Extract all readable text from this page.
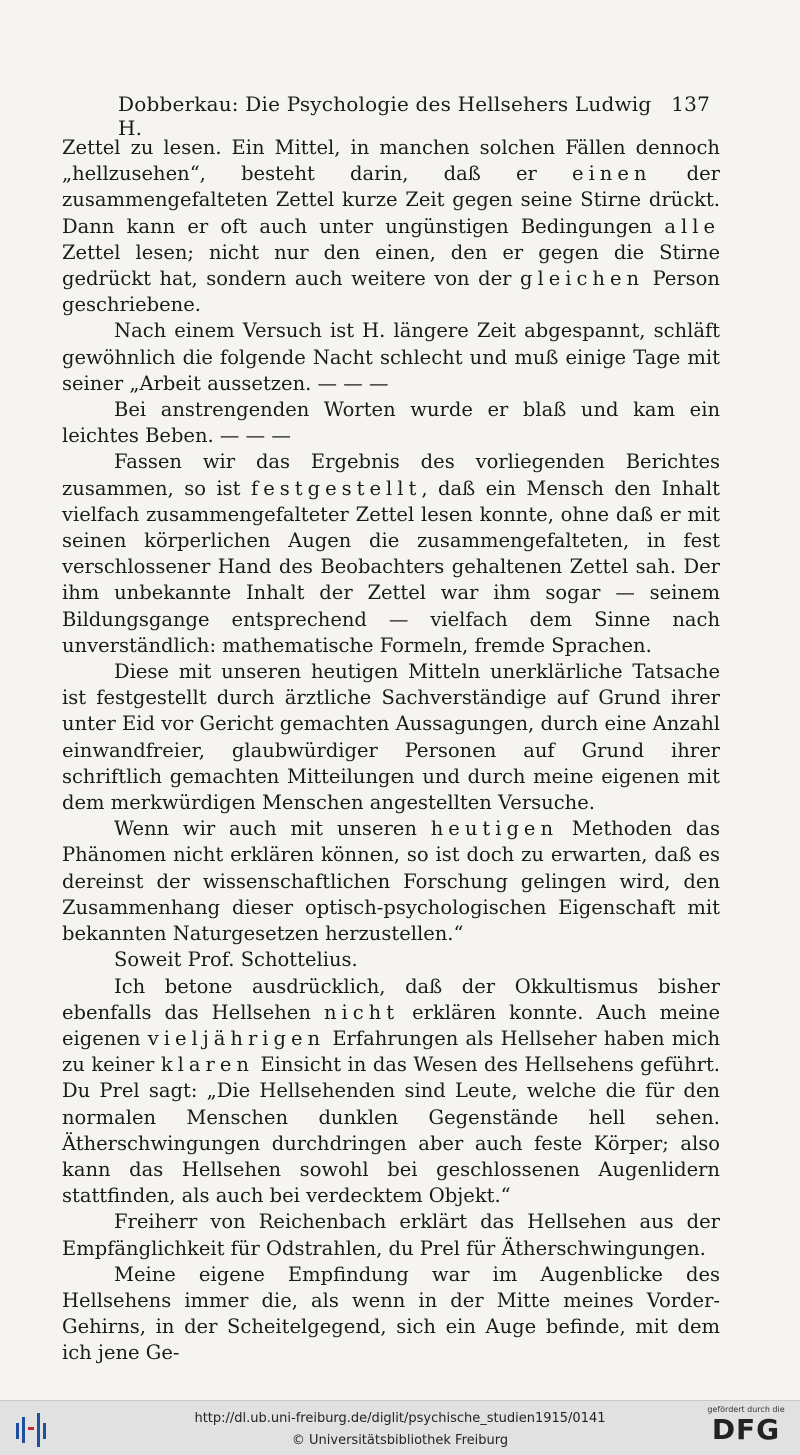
Dobberkau: Die Psychologie des Hellsehers Ludwig H.
137

Zettel zu lesen. Ein Mittel, in manchen solchen Fällen dennoch „hellzusehen“, besteht darin, daß er einen der zusammengefalteten Zettel kurze Zeit gegen seine Stirne drückt. Dann kann er oft auch unter ungünstigen Bedingungen alle Zettel lesen; nicht nur den einen, den er gegen die Stirne gedrückt hat, sondern auch weitere von der gleichen Person geschriebene.

Nach einem Versuch ist H. längere Zeit abgespannt, schläft gewöhnlich die folgende Nacht schlecht und muß einige Tage mit seiner „Arbeit aussetzen. — — —

Bei anstrengenden Worten wurde er blaß und kam ein leichtes Beben. — — —

Fassen wir das Ergebnis des vorliegenden Berichtes zusammen, so ist festgestellt, daß ein Mensch den Inhalt vielfach zusammengefalteter Zettel lesen konnte, ohne daß er mit seinen körperlichen Augen die zusammengefalteten, in fest verschlossener Hand des Beobachters gehaltenen Zettel sah. Der ihm unbekannte Inhalt der Zettel war ihm sogar — seinem Bildungsgange entsprechend — vielfach dem Sinne nach unverständlich: mathematische Formeln, fremde Sprachen.

Diese mit unseren heutigen Mitteln unerklärliche Tatsache ist festgestellt durch ärztliche Sachverständige auf Grund ihrer unter Eid vor Gericht gemachten Aussagungen, durch eine Anzahl einwandfreier, glaubwürdiger Personen auf Grund ihrer schriftlich gemachten Mitteilungen und durch meine eigenen mit dem merkwürdigen Menschen angestellten Versuche.

Wenn wir auch mit unseren heutigen Methoden das Phänomen nicht erklären können, so ist doch zu erwarten, daß es dereinst der wissenschaftlichen Forschung gelingen wird, den Zusammenhang dieser optisch-psychologischen Eigenschaft mit bekannten Naturgesetzen herzustellen.“

Soweit Prof. Schottelius.

Ich betone ausdrücklich, daß der Okkultismus bisher ebenfalls das Hellsehen nicht erklären konnte. Auch meine eigenen vieljährigen Erfahrungen als Hellseher haben mich zu keiner klaren Einsicht in das Wesen des Hellsehens geführt. Du Prel sagt: „Die Hellsehenden sind Leute, welche die für den normalen Menschen dunklen Gegenstände hell sehen. Ätherschwingungen durchdringen aber auch feste Körper; also kann das Hellsehen sowohl bei geschlossenen Augenlidern stattfinden, als auch bei verdecktem Objekt.“

Freiherr von Reichenbach erklärt das Hellsehen aus der Empfänglichkeit für Odstrahlen, du Prel für Ätherschwingungen.

Meine eigene Empfindung war im Augenblicke des Hellsehens immer die, als wenn in der Mitte meines Vorder-Gehirns, in der Scheitelgegend, sich ein Auge befinde, mit dem ich jene Ge-

http://dl.ub.uni-freiburg.de/diglit/psychische_studien1915/0141
© Universitätsbibliothek Freiburg
gefördert durch die
DFG
